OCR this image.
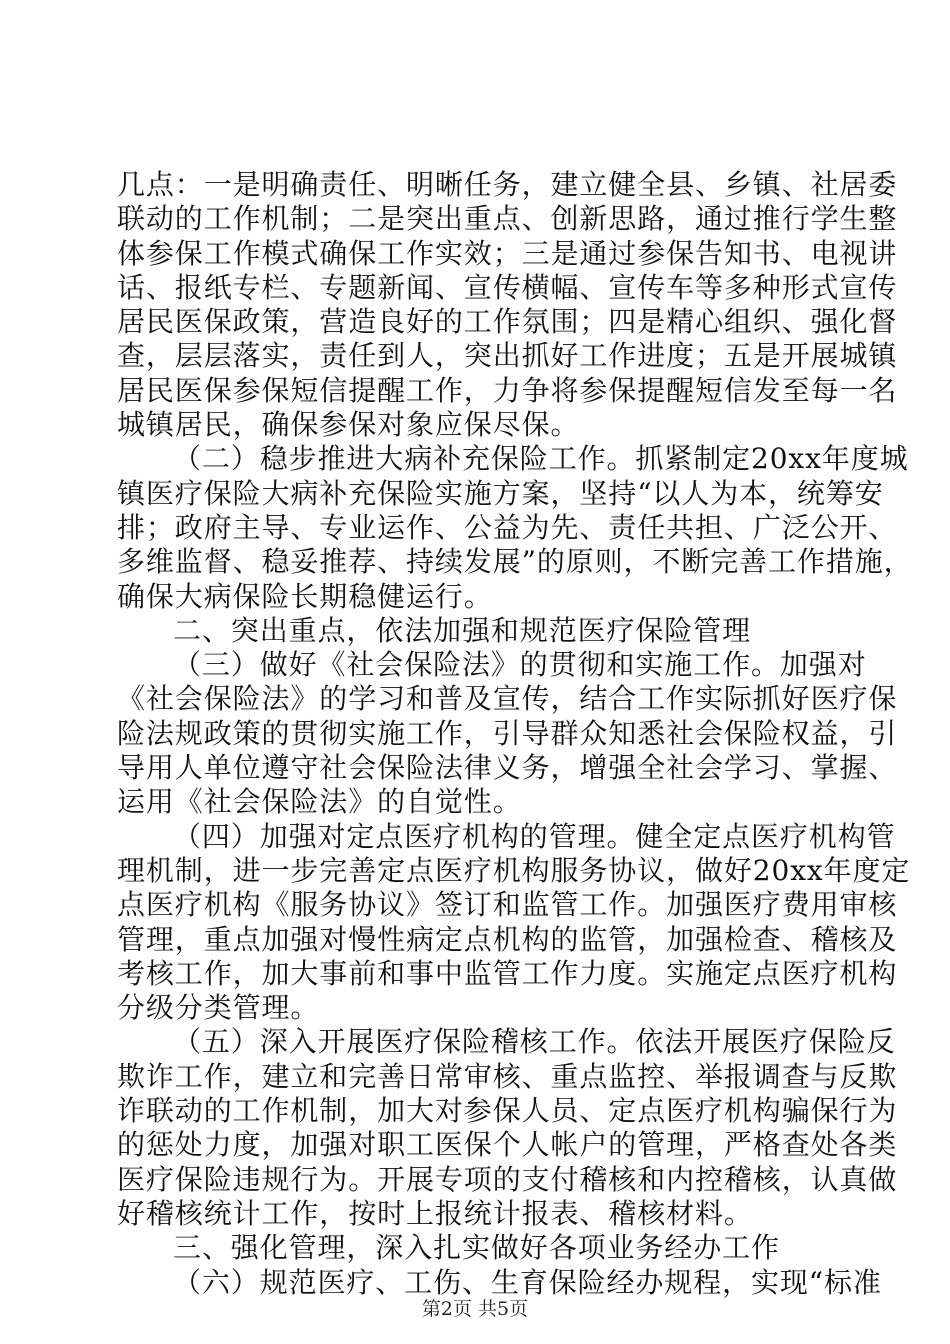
几点：一是明确责任、明晰任务，建立健全县、乡镇、社居委
联动的工作机制；二是突出重点、创新思路，通过推行学生整
体参保工作模式确保工作实效；三是通过参保告知书、电视讲
话、报纸专栏、专题新闻、宣传横幅、宣传车等多种形式宣传
居民医保政策，营造良好的工作氛围；四是精心组织、强化督
查，层层落实，责任到人，突出抓好工作进度；五是开展城镇
居民医保参保短信提醒工作，力争将参保提醒短信发至每一名
城镇居民，确保参保对象应保尽保。
（二）稳步推进大病补充保险工作。抓紧制定20xx年度城
镇医疗保险大病补充保险实施方案，坚持“以人为本，统筹安
排；政府主导、专业运作、公益为先、责任共担、广泛公开、
多维监督、稳妥推荐、持续发展”的原则，不断完善工作措施，
确保大病保险长期稳健运行。
二、突出重点，依法加强和规范医疗保险管理
（三）做好《社会保险法》的贯彻和实施工作。加强对
《社会保险法》的学习和普及宣传，结合工作实际抓好医疗保
险法规政策的贯彻实施工作，引导群众知悉社会保险权益，引
导用人单位遵守社会保险法律义务，增强全社会学习、掌握、
运用《社会保险法》的自觉性。
（四）加强对定点医疗机构的管理。健全定点医疗机构管
理机制，进一步完善定点医疗机构服务协议，做好20xx年度定
点医疗机构《服务协议》签订和监管工作。加强医疗费用审核
管理，重点加强对慢性病定点机构的监管，加强检查、稽核及
考核工作，加大事前和事中监管工作力度。实施定点医疗机构
分级分类管理。
（五）深入开展医疗保险稽核工作。依法开展医疗保险反
欺诈工作，建立和完善日常审核、重点监控、举报调查与反欺
诈联动的工作机制，加大对参保人员、定点医疗机构骗保行为
的惩处力度，加强对职工医保个人帐户的管理，严格查处各类
医疗保险违规行为。开展专项的支付稽核和内控稽核，认真做
好稽核统计工作，按时上报统计报表、稽核材料。
三、强化管理，深入扎实做好各项业务经办工作
（六）规范医疗、工伤、生育保险经办规程，实现“标准
第2页 共5页
